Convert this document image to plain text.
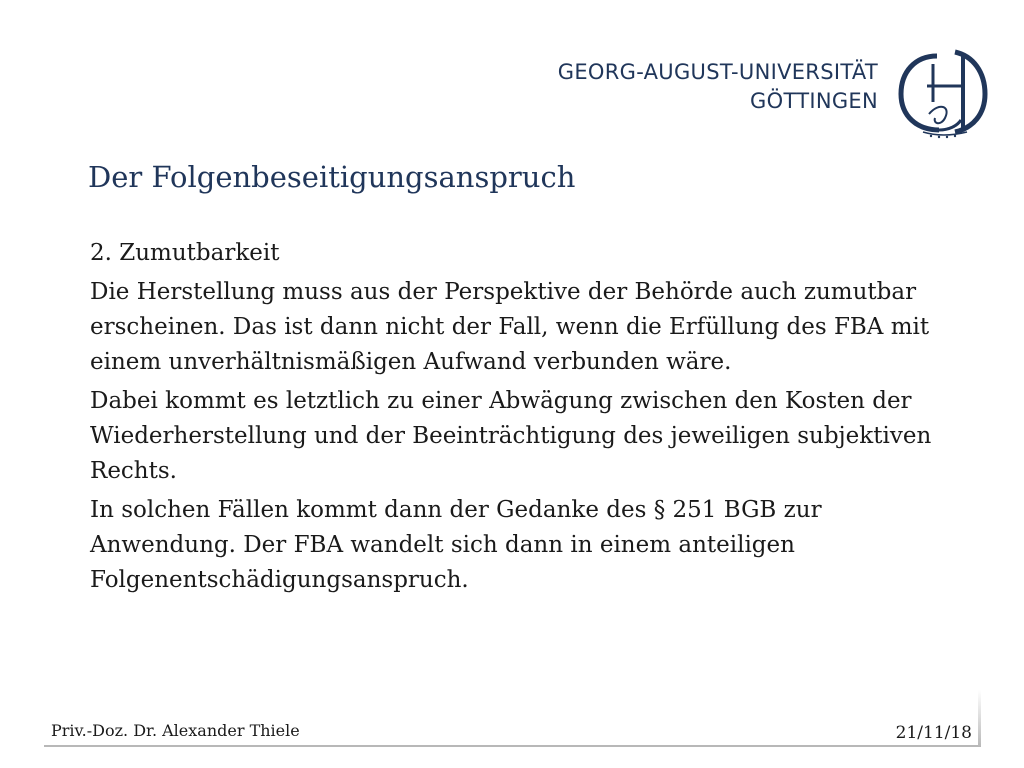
GEORG-AUGUST-UNIVERSITÄT
GÖTTINGEN
Der Folgenbeseitigungsanspruch

2. Zumutbarkeit

Die Herstellung muss aus der Perspektive der Behörde auch zumutbar erscheinen. Das ist dann nicht der Fall, wenn die Erfüllung des FBA mit einem unverhältnismäßigen Aufwand verbunden wäre.

Dabei kommt es letztlich zu einer Abwägung zwischen den Kosten der Wiederherstellung und der Beeinträchtigung des jeweiligen subjektiven Rechts.

In solchen Fällen kommt dann der Gedanke des § 251 BGB zur Anwendung. Der FBA wandelt sich dann in einem anteiligen Folgenentschädigungsanspruch.

Priv.-Doz. Dr. Alexander Thiele	21/11/18
